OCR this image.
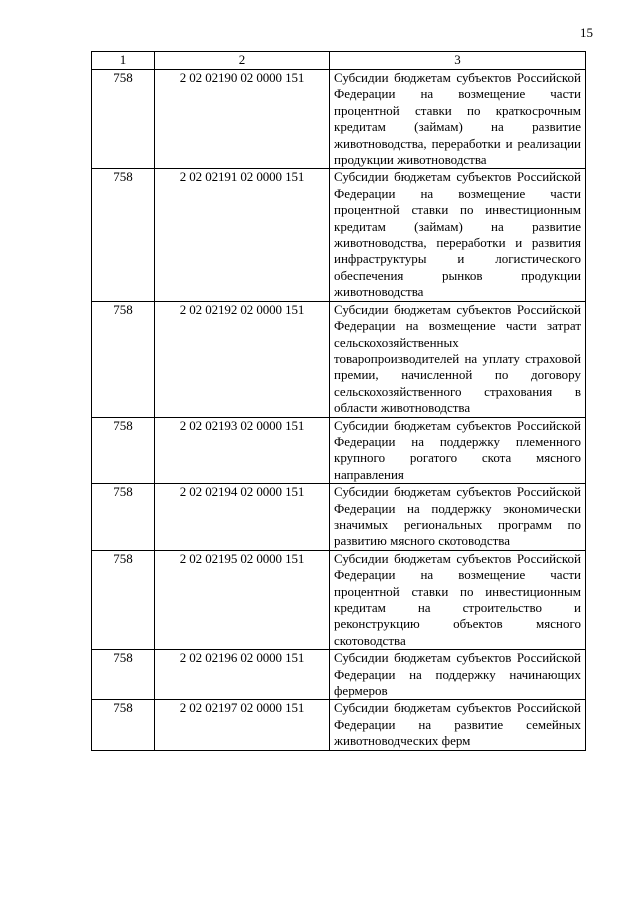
15
1	2	3
758	2 02 02190 02 0000 151	Субсидии бюджетам субъектов Российской Федерации на возмещение части процентной ставки по краткосрочным кредитам (займам) на развитие животноводства, переработки и реализации продукции животноводства
758	2 02 02191 02 0000 151	Субсидии бюджетам субъектов Российской Федерации на возмещение части процентной ставки по инвестиционным кредитам (займам) на развитие животноводства, переработки и развития инфраструктуры и логистического обеспечения рынков продукции животноводства
758	2 02 02192 02 0000 151	Субсидии бюджетам субъектов Российской Федерации на возмещение части затрат сельскохозяйственных товаропроизводителей на уплату страховой премии, начисленной по договору сельскохозяйственного страхования в области животноводства
758	2 02 02193 02 0000 151	Субсидии бюджетам субъектов Российской Федерации на поддержку племенного крупного рогатого скота мясного направления
758	2 02 02194 02 0000 151	Субсидии бюджетам субъектов Российской Федерации на поддержку экономически значимых региональных программ по развитию мясного скотоводства
758	2 02 02195 02 0000 151	Субсидии бюджетам субъектов Российской Федерации на возмещение части процентной ставки по инвестиционным кредитам на строительство и реконструкцию объектов мясного скотоводства
758	2 02 02196 02 0000 151	Субсидии бюджетам субъектов Российской Федерации на поддержку начинающих фермеров
758	2 02 02197 02 0000 151	Субсидии бюджетам субъектов Российской Федерации на развитие семейных животноводческих ферм
